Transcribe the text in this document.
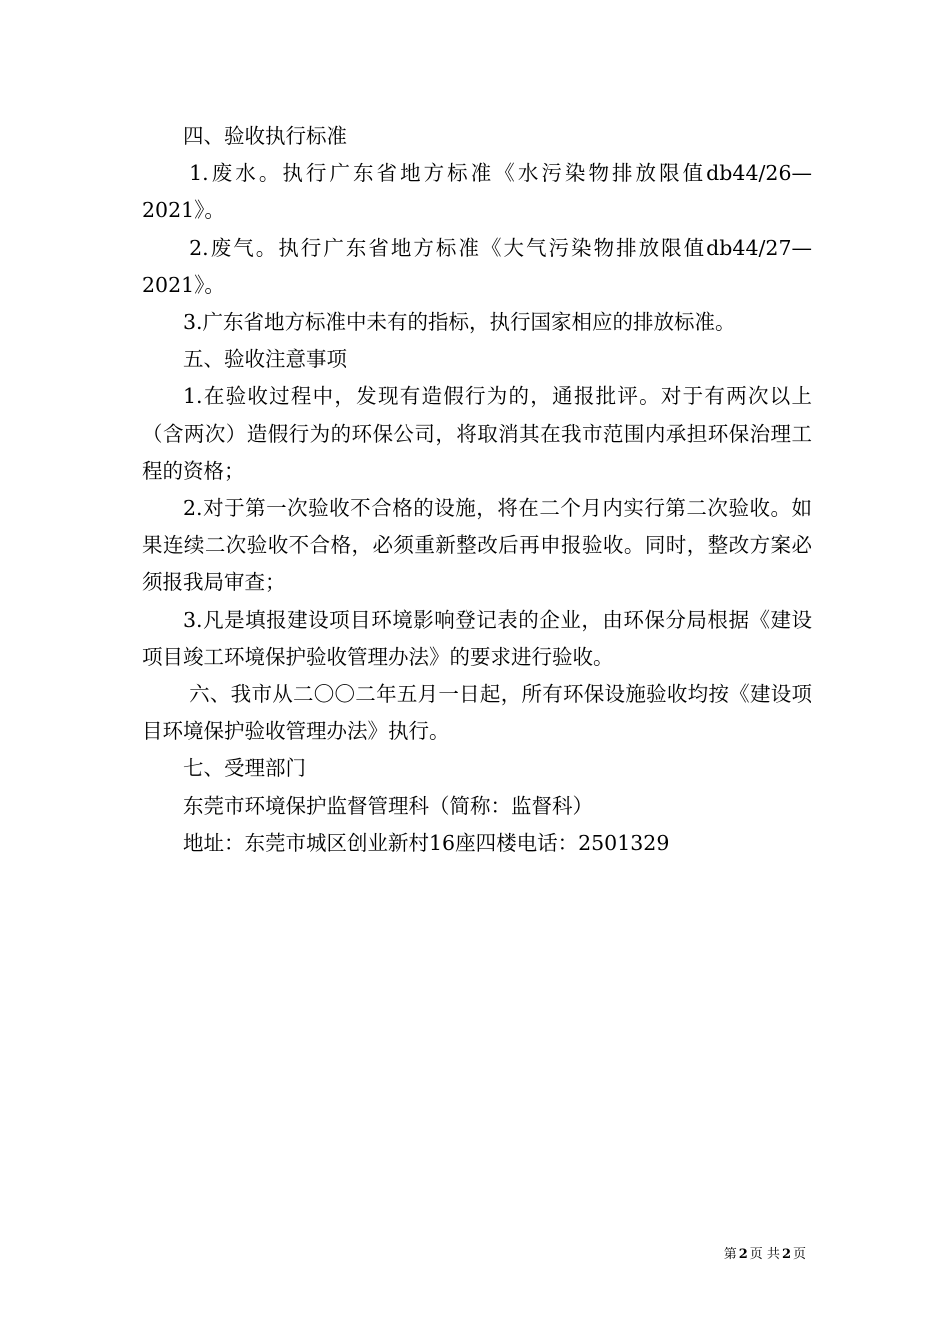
四、验收执行标准

1.废水。执行广东省地方标准《水污染物排放限值db44/26—2021》。

2.废气。执行广东省地方标准《大气污染物排放限值db44/27—2021》。

3.广东省地方标准中未有的指标，执行国家相应的排放标准。

五、验收注意事项

1.在验收过程中，发现有造假行为的，通报批评。对于有两次以上（含两次）造假行为的环保公司，将取消其在我市范围内承担环保治理工程的资格；

2.对于第一次验收不合格的设施，将在二个月内实行第二次验收。如果连续二次验收不合格，必须重新整改后再申报验收。同时，整改方案必须报我局审查；

3.凡是填报建设项目环境影响登记表的企业，由环保分局根据《建设项目竣工环境保护验收管理办法》的要求进行验收。

六、我市从二〇〇二年五月一日起，所有环保设施验收均按《建设项目环境保护验收管理办法》执行。

七、受理部门

东莞市环境保护监督管理科（简称：监督科）

地址：东莞市城区创业新村16座四楼电话：2501329

第 2 页 共 2 页
